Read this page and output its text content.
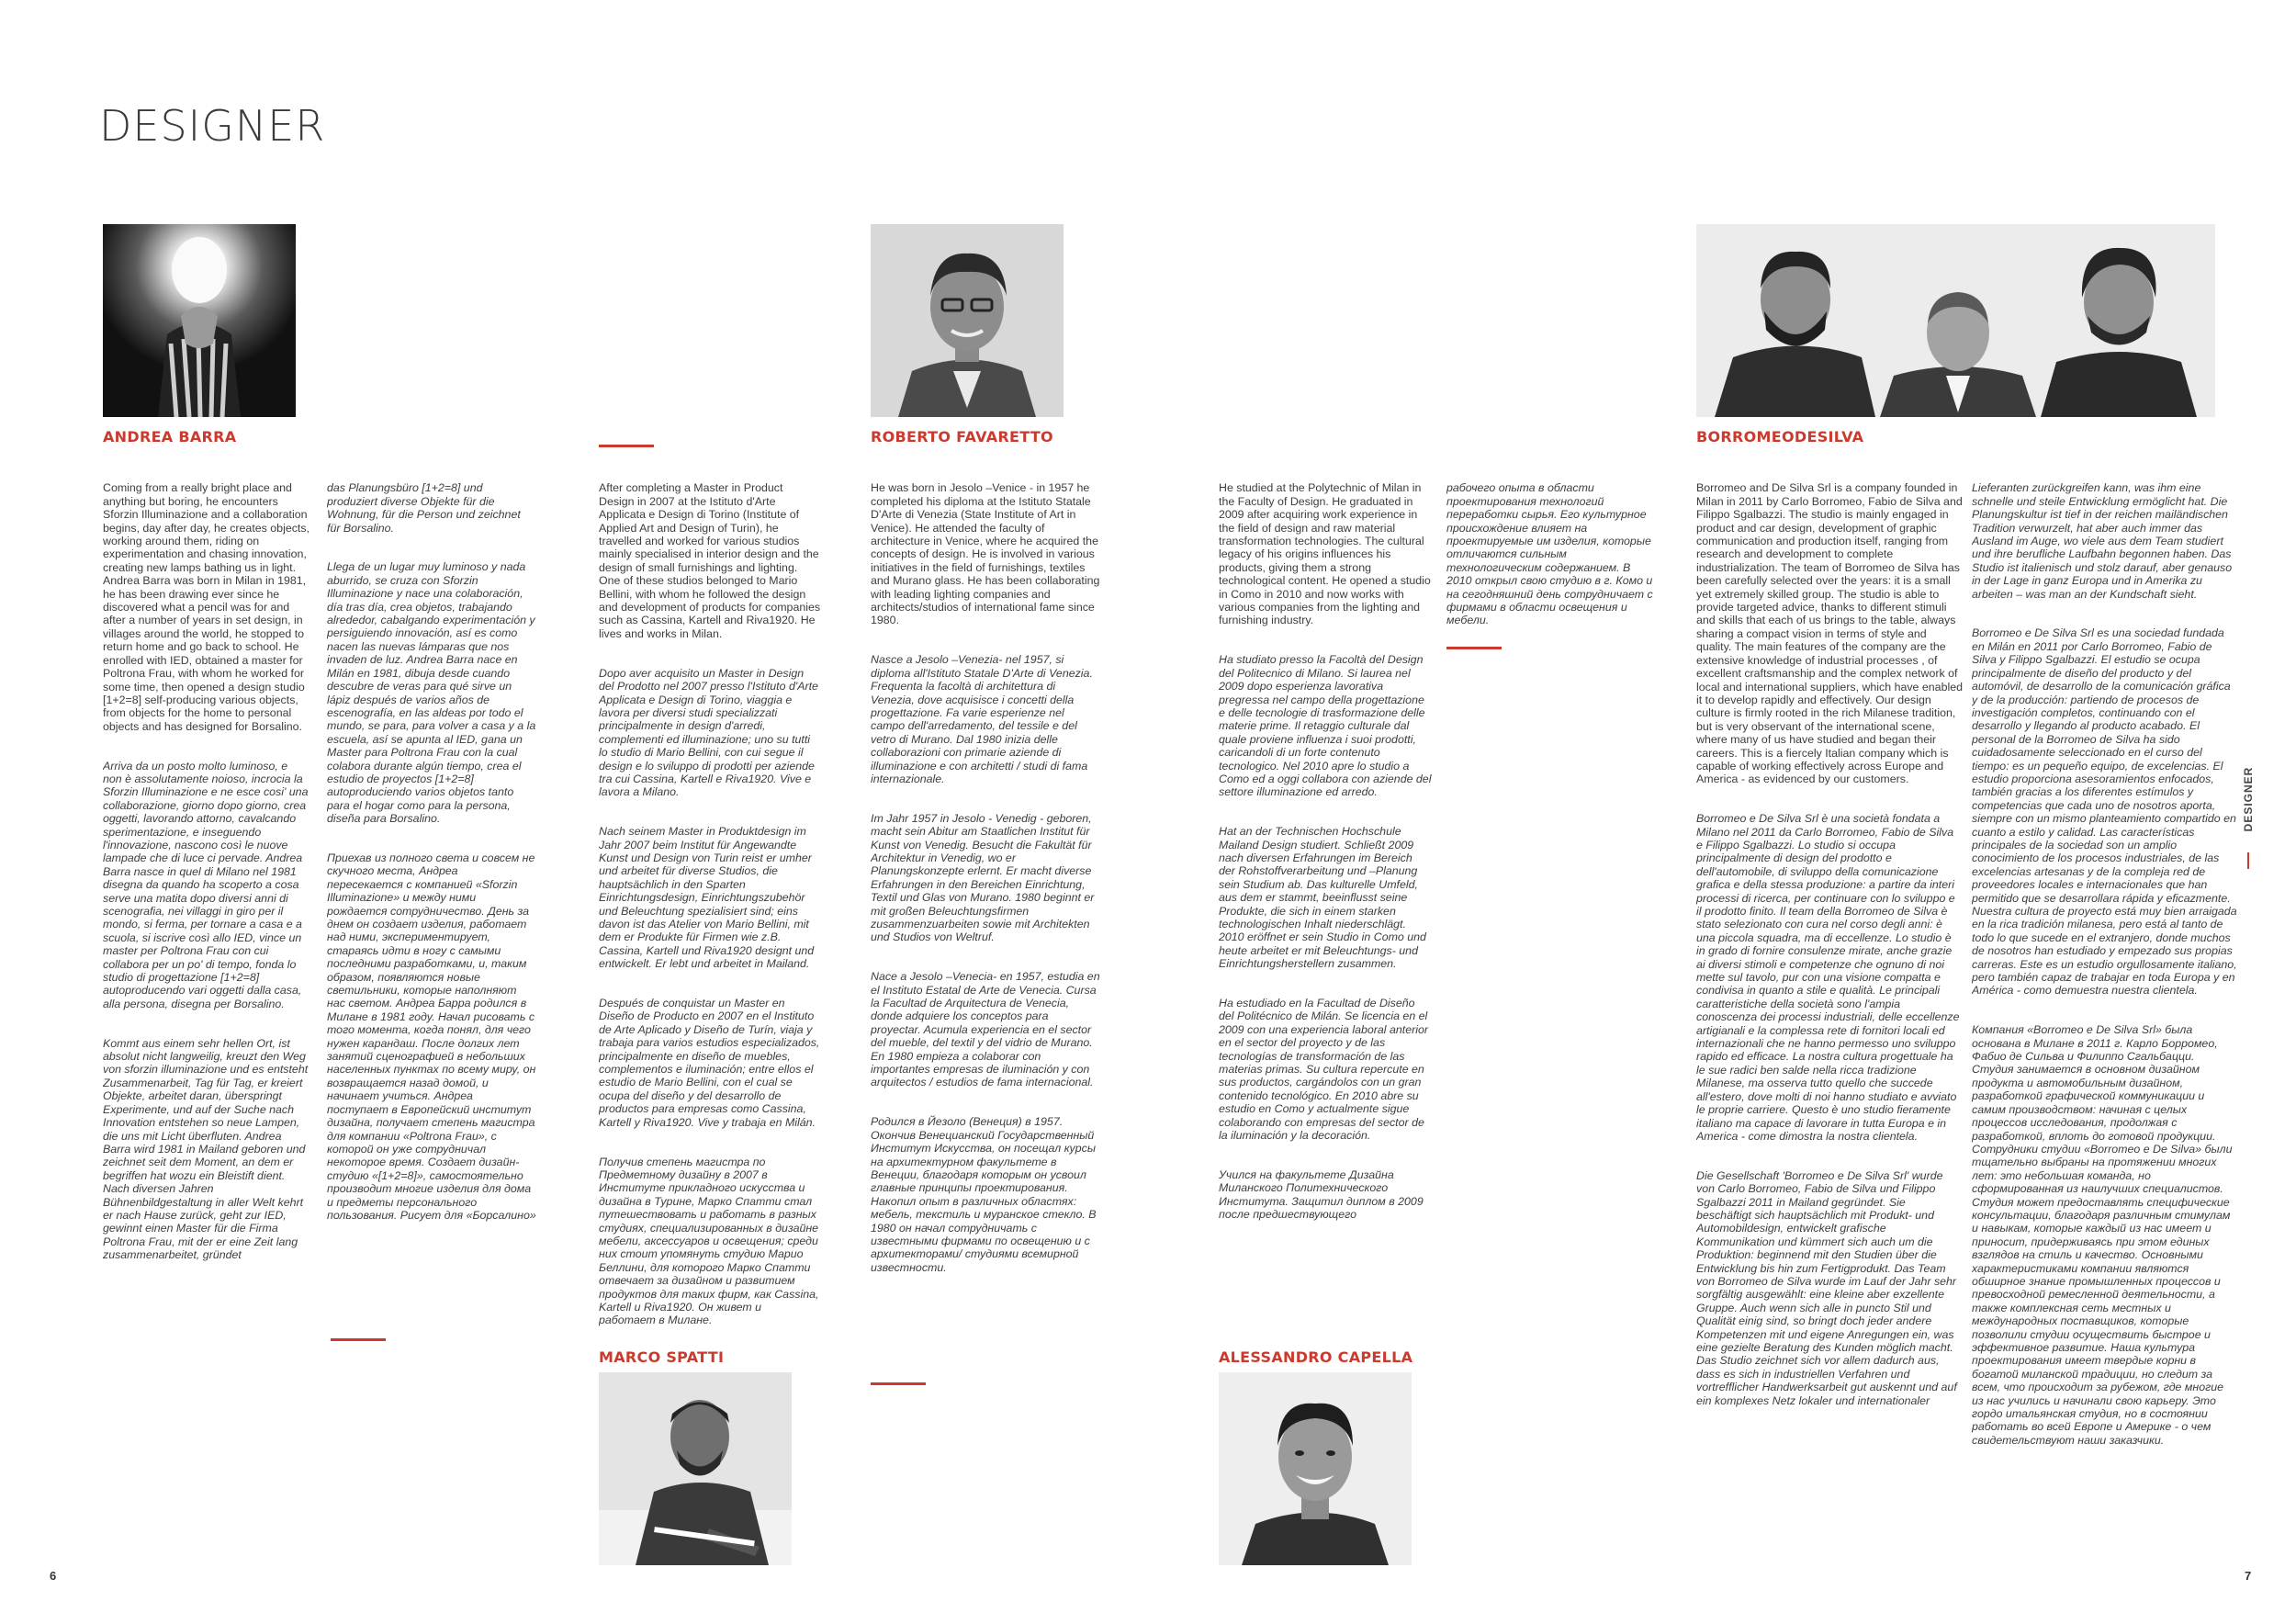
DESIGNER
ANDREA BARRA

Coming from a really bright place and anything but boring, he encounters Sforzin Illuminazione and a collaboration begins, day after day, he creates objects, working around them, riding on experimentation and chasing innovation, creating new lamps bathing us in light. Andrea Barra was born in Milan in 1981, he has been drawing ever since he discovered what a pencil was for and after a number of years in set design, in villages around the world, he stopped to return home and go back to school. He enrolled with IED, obtained a master for Poltrona Frau, with whom he worked for some time, then opened a design studio [1+2=8] self-producing various objects, from objects for the home to personal objects and has designed for Borsalino.

Arriva da un posto molto luminoso, e non è assolutamente noioso, incrocia la Sforzin Illuminazione e ne esce cosi' una collaborazione, giorno dopo giorno, crea oggetti, lavorando attorno, cavalcando sperimentazione, e inseguendo l'innovazione, nascono così le nuove lampade che di luce ci pervade. Andrea Barra nasce in quel di Milano nel 1981 disegna da quando ha scoperto a cosa serve una matita dopo diversi anni di scenografia, nei villaggi in giro per il mondo, si ferma, per tornare a casa e a scuola, si iscrive così allo IED, vince un master per Poltrona Frau con cui collabora per un po' di tempo, fonda lo studio di progettazione [1+2=8] autoproducendo vari oggetti dalla casa, alla persona, disegna per Borsalino.

Kommt aus einem sehr hellen Ort, ist absolut nicht langweilig, kreuzt den Weg von sforzin illuminazione und es entsteht Zusammenarbeit, Tag für Tag, er kreiert Objekte, arbeitet daran, überspringt Experimente, und auf der Suche nach Innovation entstehen so neue Lampen, die uns mit Licht überfluten. Andrea Barra wird 1981 in Mailand geboren und zeichnet seit dem Moment, an dem er begriffen hat wozu ein Bleistift dient. Nach diversen Jahren Bühnenbildgestaltung in aller Welt kehrt er nach Hause zurück, geht zur IED, gewinnt einen Master für die Firma Poltrona Frau, mit der er eine Zeit lang zusammenarbeitet, gründet

das Planungsbüro [1+2=8] und produziert diverse Objekte für die Wohnung, für die Person und zeichnet für Borsalino.

Llega de un lugar muy luminoso y nada aburrido, se cruza con Sforzin Illuminazione y nace una colaboración, día tras día, crea objetos, trabajando alrededor, cabalgando experimentación y persiguiendo innovación, así es como nacen las nuevas lámparas que nos invaden de luz. Andrea Barra nace en Milán en 1981, dibuja desde cuando descubre de veras para qué sirve un lápiz después de varios años de escenografía, en las aldeas por todo el mundo, se para, para volver a casa y a la escuela, así se apunta al IED, gana un Master para Poltrona Frau con la cual colabora durante algún tiempo, crea el estudio de proyectos [1+2=8] autoproduciendo varios objetos tanto para el hogar como para la persona, diseña para Borsalino.

Приехав из полного света и совсем не скучного места, Андреа пересекается с компанией «Sforzin Illuminazione» и между ними рождается сотрудничество. День за днем он создает изделия, работает над ними, экспериментирует, стараясь идти в ногу с самыми последними разработками, и, таким образом, появляются новые светильники, которые наполняют нас светом. Андреа Барра родился в Милане в 1981 году. Начал рисовать с того момента, когда понял, для чего нужен карандаш. После долгих лет занятий сценографией в небольших населенных пунктах по всему миру, он возвращается назад домой, и начинает учиться. Андреа поступает в Европейский институт дизайна, получает степень магистра для компании «Poltrona Frau», с которой он уже сотрудничал некоторое время. Создает дизайн-студию «[1+2=8]», самостоятельно производит многие изделия для дома и предметы персонального пользования. Рисует для «Борсалино»

After completing a Master in Product Design in 2007 at the Istituto d'Arte Applicata e Design di Torino (Institute of Applied Art and Design of Turin), he travelled and worked for various studios mainly specialised in interior design and the design of small furnishings and lighting. One of these studios belonged to Mario Bellini, with whom he followed the design and development of products for companies such as Cassina, Kartell and Riva1920. He lives and works in Milan.

Dopo aver acquisito un Master in Design del Prodotto nel 2007 presso l'Istituto d'Arte Applicata e Design di Torino, viaggia e lavora per diversi studi specializzati principalmente in design d'arredi, complementi ed illuminazione; uno su tutti lo studio di Mario Bellini, con cui segue il design e lo sviluppo di prodotti per aziende tra cui Cassina, Kartell e Riva1920. Vive e lavora a Milano.

Nach seinem Master in Produktdesign im Jahr 2007 beim Institut für Angewandte Kunst und Design von Turin reist er umher und arbeitet für diverse Studios, die hauptsächlich in den Sparten Einrichtungsdesign, Einrichtungszubehör und Beleuchtung spezialisiert sind; eins davon ist das Atelier von Mario Bellini, mit dem er Produkte für Firmen wie z.B. Cassina, Kartell und Riva1920 designt und entwickelt. Er lebt und arbeitet in Mailand.

Después de conquistar un Master en Diseño de Producto en 2007 en el Instituto de Arte Aplicado y Diseño de Turín, viaja y trabaja para varios estudios especializados, principalmente en diseño de muebles, complementos e iluminación; entre ellos el estudio de Mario Bellini, con el cual se ocupa del diseño y del desarrollo de productos para empresas como Cassina, Kartell y Riva1920. Vive y trabaja en Milán.

Получив степень магистра по Предметному дизайну в 2007 в Институте прикладного искусства и дизайна в Турине, Марко Спатти стал путешествовать и работать в разных студиях, специализированных в дизайне мебели, аксессуаров и освещения; среди них стоит упомянуть студию Марио Беллини, для которого Марко Спатти отвечает за дизайном и развитием продуктов для таких фирм, как Cassina, Kartell и Riva1920. Он живет и работает в Милане.

MARCO SPATTI
ROBERTO FAVARETTO

He was born in Jesolo –Venice - in 1957 he completed his diploma at the Istituto Statale D'Arte di Venezia (State Institute of Art in Venice). He attended the faculty of architecture in Venice, where he acquired the concepts of design. He is involved in various initiatives in the field of furnishings, textiles and Murano glass. He has been collaborating with leading lighting companies and architects/studios of international fame since 1980.

Nasce a Jesolo –Venezia- nel 1957, si diploma all'Istituto Statale D'Arte di Venezia. Frequenta la facoltà di architettura di Venezia, dove acquisisce i concetti della progettazione. Fa varie esperienze nel campo dell'arredamento, del tessile e del vetro di Murano. Dal 1980 inizia delle collaborazioni con primarie aziende di illuminazione e con architetti / studi di fama internazionale.

Im Jahr 1957 in Jesolo - Venedig - geboren, macht sein Abitur am Staatlichen Institut für Kunst von Venedig. Besucht die Fakultät für Architektur in Venedig, wo er Planungskonzepte erlernt. Er macht diverse Erfahrungen in den Bereichen Einrichtung, Textil und Glas von Murano. 1980 beginnt er mit großen Beleuchtungsfirmen zusammenzuarbeiten sowie mit Architekten und Studios von Weltruf.

Nace a Jesolo –Venecia- en 1957, estudia en el Instituto Estatal de Arte de Venecia. Cursa la Facultad de Arquitectura de Venecia, donde adquiere los conceptos para proyectar. Acumula experiencia en el sector del mueble, del textil y del vidrio de Murano. En 1980 empieza a colaborar con importantes empresas de iluminación y con arquitectos / estudios de fama internacional.

Родился в Йезоло (Венеция) в 1957. Окончив Венецианский Государственный Институт Искусства, он посещал курсы на архитектурном факультете в Венеции, благодаря которым он усвоил главные принципы проектирования. Накопил опыт в различных областях: мебель, текстиль и муранское стекло. В 1980 он начал сотрудничать с известными фирмами по освещению и с архитекторами/ студиями всемирной известности.

He studied at the Polytechnic of Milan in the Faculty of Design. He graduated in 2009 after acquiring work experience in the field of design and raw material transformation technologies. The cultural legacy of his origins influences his products, giving them a strong technological content. He opened a studio in Como in 2010 and now works with various companies from the lighting and furnishing industry.

Ha studiato presso la Facoltà del Design del Politecnico di Milano. Si laurea nel 2009 dopo esperienza lavorativa pregressa nel campo della progettazione e delle tecnologie di trasformazione delle materie prime. Il retaggio culturale dal quale proviene influenza i suoi prodotti, caricandoli di un forte contenuto tecnologico. Nel 2010 apre lo studio a Como ed a oggi collabora con aziende del settore illuminazione ed arredo.

Hat an der Technischen Hochschule Mailand Design studiert. Schließt 2009 nach diversen Erfahrungen im Bereich der Rohstoffverarbeitung und –Planung sein Studium ab. Das kulturelle Umfeld, aus dem er stammt, beeinflusst seine Produkte, die sich in einem starken technologischen Inhalt niederschlägt. 2010 eröffnet er sein Studio in Como und heute arbeitet er mit Beleuchtungs- und Einrichtungsherstellern zusammen.

Ha estudiado en la Facultad de Diseño del Politécnico de Milán. Se licencia en el 2009 con una experiencia laboral anterior en el sector del proyecto y de las tecnologías de transformación de las materias primas. Su cultura repercute en sus productos, cargándolos con un gran contenido tecnológico. En 2010 abre su estudio en Como y actualmente sigue colaborando con empresas del sector de la iluminación y la decoración.

Учился на факультете Дизайна Миланского Политехнического Института. Защитил диплом в 2009 после предшествующего

рабочего опыта в области проектирования технологий переработки сырья. Его культурное происхождение влияет на проектируемые им изделия, которые отличаются сильным технологическим содержанием. В 2010 открыл свою студию в г. Комо и на сегодняшний день сотрудничает с фирмами в области освещения и мебели.

ALESSANDRO CAPELLA
BORROMEODESILVA

Borromeo and De Silva Srl is a company founded in Milan in 2011 by Carlo Borromeo, Fabio de Silva and Filippo Sgalbazzi. The studio is mainly engaged in product and car design, development of graphic communication and production itself, ranging from research and development to complete industrialization. The team of Borromeo de Silva has been carefully selected over the years: it is a small yet extremely skilled group. The studio is able to provide targeted advice, thanks to different stimuli and skills that each of us brings to the table, always sharing a compact vision in terms of style and quality. The main features of the company are the extensive knowledge of industrial processes , of excellent craftsmanship and the complex network of local and international suppliers, which have enabled it to develop rapidly and effectively. Our design culture is firmly rooted in the rich Milanese tradition, but is very observant of the international scene, where many of us have studied and began their careers. This is a fiercely Italian company which is capable of working effectively across Europe and America - as evidenced by our customers.

Borromeo e De Silva Srl è una società fondata a Milano nel 2011 da Carlo Borromeo, Fabio de Silva e Filippo Sgalbazzi. Lo studio si occupa principalmente di design del prodotto e dell'automobile, di sviluppo della comunicazione grafica e della stessa produzione: a partire da interi processi di ricerca, per continuare con lo sviluppo e il prodotto finito. Il team della Borromeo de Silva è stato selezionato con cura nel corso degli anni: è una piccola squadra, ma di eccellenze. Lo studio è in grado di fornire consulenze mirate, anche grazie ai diversi stimoli e competenze che ognuno di noi mette sul tavolo, pur con una visione compatta e condivisa in quanto a stile e qualità. Le principali caratteristiche della società sono l'ampia conoscenza dei processi industriali, delle eccellenze artigianali e la complessa rete di fornitori locali ed internazionali che ne hanno permesso uno sviluppo rapido ed efficace. La nostra cultura progettuale ha le sue radici ben salde nella ricca tradizione Milanese, ma osserva tutto quello che succede all'estero, dove molti di noi hanno studiato e avviato le proprie carriere. Questo è uno studio fieramente italiano ma capace di lavorare in tutta Europa e in America - come dimostra la nostra clientela.

Die Gesellschaft 'Borromeo e De Silva Srl' wurde von Carlo Borromeo, Fabio de Silva und Filippo Sgalbazzi 2011 in Mailand gegründet. Sie beschäftigt sich hauptsächlich mit Produkt- und Automobildesign, entwickelt grafische Kommunikation und kümmert sich auch um die Produktion: beginnend mit den Studien über die Entwicklung bis hin zum Fertigprodukt. Das Team von Borromeo de Silva wurde im Lauf der Jahr sehr sorgfältig ausgewählt: eine kleine aber exzellente Gruppe. Auch wenn sich alle in puncto Stil und Qualität einig sind, so bringt doch jeder andere Kompetenzen mit und eigene Anregungen ein, was eine gezielte Beratung des Kunden möglich macht. Das Studio zeichnet sich vor allem dadurch aus, dass es sich in industriellen Verfahren und vortrefflicher Handwerksarbeit gut auskennt und auf ein komplexes Netz lokaler und internationaler

Lieferanten zurückgreifen kann, was ihm eine schnelle und steile Entwicklung ermöglicht hat. Die Planungskultur ist tief in der reichen mailändischen Tradition verwurzelt, hat aber auch immer das Ausland im Auge, wo viele aus dem Team studiert und ihre berufliche Laufbahn begonnen haben. Das Studio ist italienisch und stolz darauf, aber genauso in der Lage in ganz Europa und in Amerika zu arbeiten – was man an der Kundschaft sieht.

Borromeo e De Silva Srl es una sociedad fundada en Milán en 2011 por Carlo Borromeo, Fabio de Silva y Filippo Sgalbazzi. El estudio se ocupa principalmente de diseño del producto y del automóvil, de desarrollo de la comunicación gráfica y de la producción: partiendo de procesos de investigación completos, continuando con el desarrollo y llegando al producto acabado. El personal de la Borromeo de Silva ha sido cuidadosamente seleccionado en el curso del tiempo: es un pequeño equipo, de excelencias. El estudio proporciona asesoramientos enfocados, también gracias a los diferentes estímulos y competencias que cada uno de nosotros aporta, siempre con un mismo planteamiento compartido en cuanto a estilo y calidad. Las características principales de la sociedad son un amplio conocimiento de los procesos industriales, de las excelencias artesanas y de la compleja red de proveedores locales e internacionales que han permitido que se desarrollara rápida y eficazmente. Nuestra cultura de proyecto está muy bien arraigada en la rica tradición milanesa, pero está al tanto de todo lo que sucede en el extranjero, donde muchos de nosotros han estudiado y empezado sus propias carreras. Este es un estudio orgullosamente italiano, pero también capaz de trabajar en toda Europa y en América - como demuestra nuestra clientela.

Компания «Borromeo e De Silva Srl» была основана в Милане в 2011 г. Карло Борромео, Фабио де Сильва и Филиппо Сгальбацци. Студия занимается в основном дизайном продукта и автомобильным дизайном, разработкой графической коммуникации и самим производством: начиная с целых процессов исследования, продолжая с разработкой, вплоть до готовой продукции. Сотрудники студии «Borromeo e De Silva» были тщательно выбраны на протяжении многих лет: это небольшая команда, но сформированная из наилучших специалистов. Студия может предоставлять специфические консультации, благодаря различным стимулам и навыкам, которые каждый из нас имеет и приносит, придерживаясь при этом единых взглядов на стиль и качество. Основными характеристиками компании являются обширное знание промышленных процессов и превосходной ремесленной деятельности, а также комплексная сеть местных и международных поставщиков, которые позволили студии осуществить быстрое и эффективное развитие. Наша культура проектирования имеет твердые корни в богатой миланской традиции, но следит за всем, что происходит за рубежом, где многие из нас учились и начинали свою карьеру. Это гордо итальянская студия, но в состоянии работать во всей Европе и Америке - о чем свидетельствуют наши заказчики.

DESIGNER
6	7
